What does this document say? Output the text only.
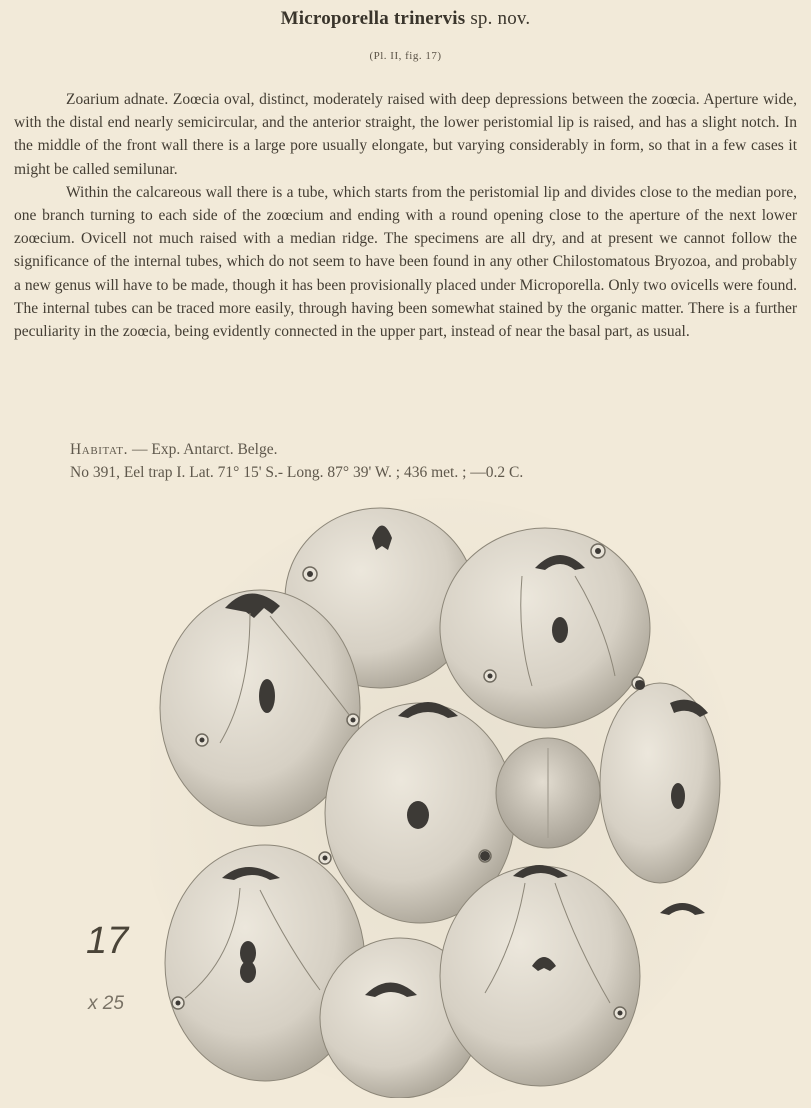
Microporella trinervis sp. nov.
(Pl. II, fig. 17)

Zoarium adnate. Zoœcia oval, distinct, moderately raised with deep depressions between the zoœcia. Aperture wide, with the distal end nearly semicircular, and the anterior straight, the lower peristomial lip is raised, and has a slight notch. In the middle of the front wall there is a large pore usually elongate, but varying considerably in form, so that in a few cases it might be called semilunar.

Within the calcareous wall there is a tube, which starts from the peristomial lip and divides close to the median pore, one branch turning to each side of the zoœcium and ending with a round opening close to the aperture of the next lower zoœcium. Ovicell not much raised with a median ridge. The specimens are all dry, and at present we cannot follow the significance of the internal tubes, which do not seem to have been found in any other Chilostomatous Bryozoa, and probably a new genus will have to be made, though it has been provisionally placed under Microporella. Only two ovicells were found. The internal tubes can be traced more easily, through having been somewhat stained by the organic matter. There is a further peculiarity in the zoœcia, being evidently connected in the upper part, instead of near the basal part, as usual.

Habitat. — Exp. Antarct. Belge.
No 391, Eel trap I. Lat. 71° 15' S.- Long. 87° 39' W. ; 436 met. ; —0.2 C.
17
x 25
